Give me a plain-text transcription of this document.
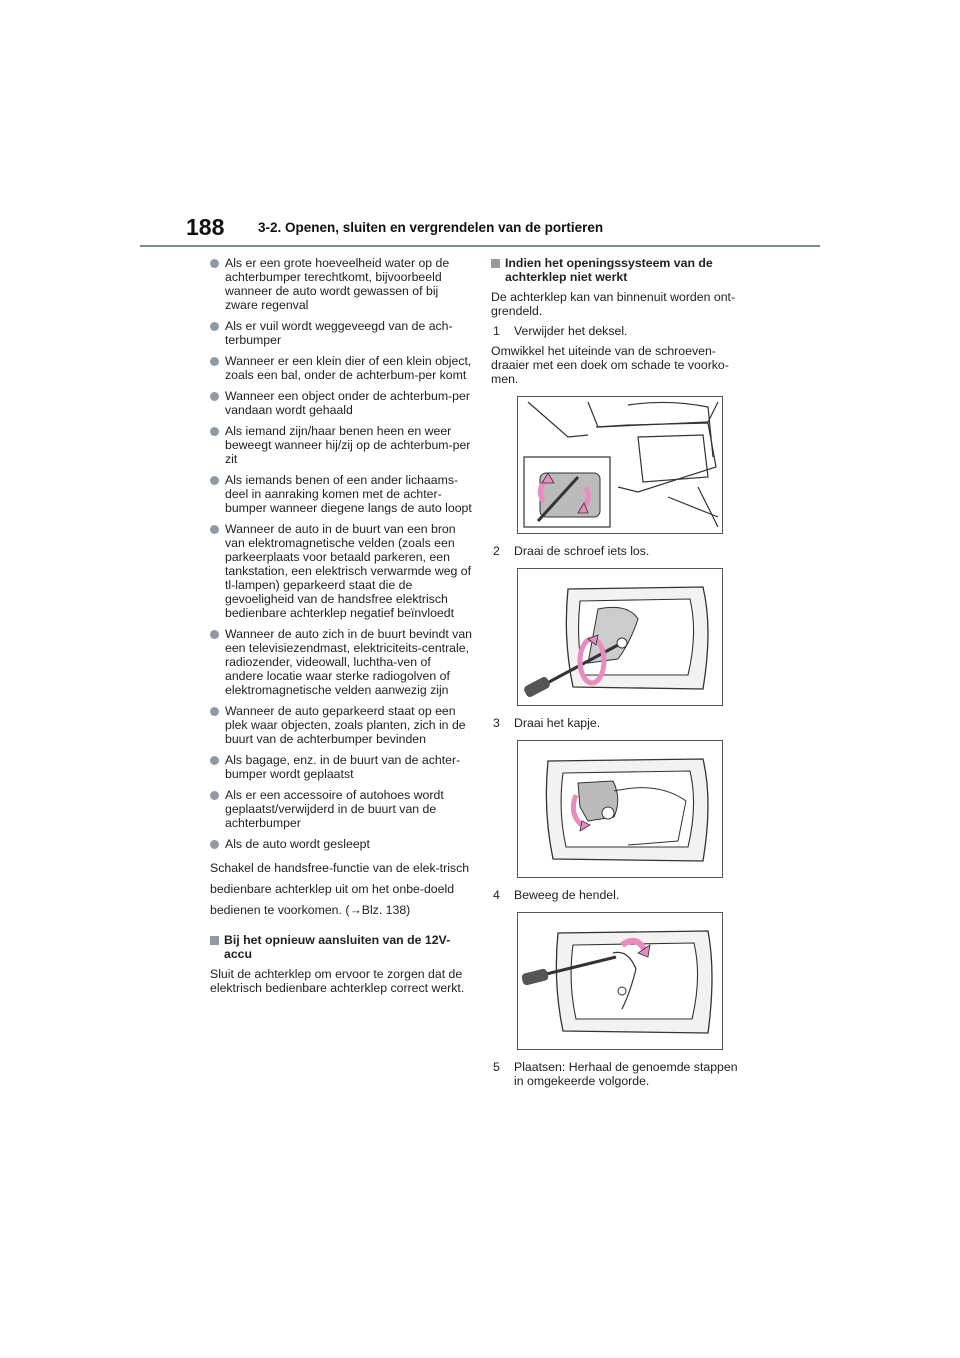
188 3-2. Openen, sluiten en vergrendelen van de portieren
Als er een grote hoeveelheid water op de achterbumper terechtkomt, bijvoorbeeld wanneer de auto wordt gewassen of bij zware regenval
Als er vuil wordt weggeveegd van de ach-terbumper
Wanneer er een klein dier of een klein object, zoals een bal, onder de achterbum-per komt
Wanneer een object onder de achterbum-per vandaan wordt gehaald
Als iemand zijn/haar benen heen en weer beweegt wanneer hij/zij op de achterbum-per zit
Als iemands benen of een ander lichaams-deel in aanraking komen met de achter-bumper wanneer diegene langs de auto loopt
Wanneer de auto in de buurt van een bron van elektromagnetische velden (zoals een parkeerplaats voor betaald parkeren, een tankstation, een elektrisch verwarmde weg of tl-lampen) geparkeerd staat die de gevoeligheid van de handsfree elektrisch bedienbare achterklep negatief beïnvloedt
Wanneer de auto zich in de buurt bevindt van een televisiezendmast, elektriciteits-centrale, radiozender, videowall, luchtha-ven of andere locatie waar sterke radiogolven of elektromagnetische velden aanwezig zijn
Wanneer de auto geparkeerd staat op een plek waar objecten, zoals planten, zich in de buurt van de achterbumper bevinden
Als bagage, enz. in de buurt van de achter-bumper wordt geplaatst
Als er een accessoire of autohoes wordt geplaatst/verwijderd in de buurt van de achterbumper
Als de auto wordt gesleept

Schakel de handsfree-functie van de elek-trisch bedienbare achterklep uit om het onbe-doeld bedienen te voorkomen. (→Blz. 138)

Bij het opnieuw aansluiten van de 12V-accu

Sluit de achterklep om ervoor te zorgen dat de elektrisch bedienbare achterklep correct werkt.

Indien het openingssysteem van de achterklep niet werkt

De achterklep kan van binnenuit worden ont-grendeld.

1	Verwijder het deksel.

Omwikkel het uiteinde van de schroeven-draaier met een doek om schade te voorko-men.

2	Draai de schroef iets los.
3	Draai het kapje.
4	Beweeg de hendel.
5	Plaatsen: Herhaal de genoemde stappen in omgekeerde volgorde.
